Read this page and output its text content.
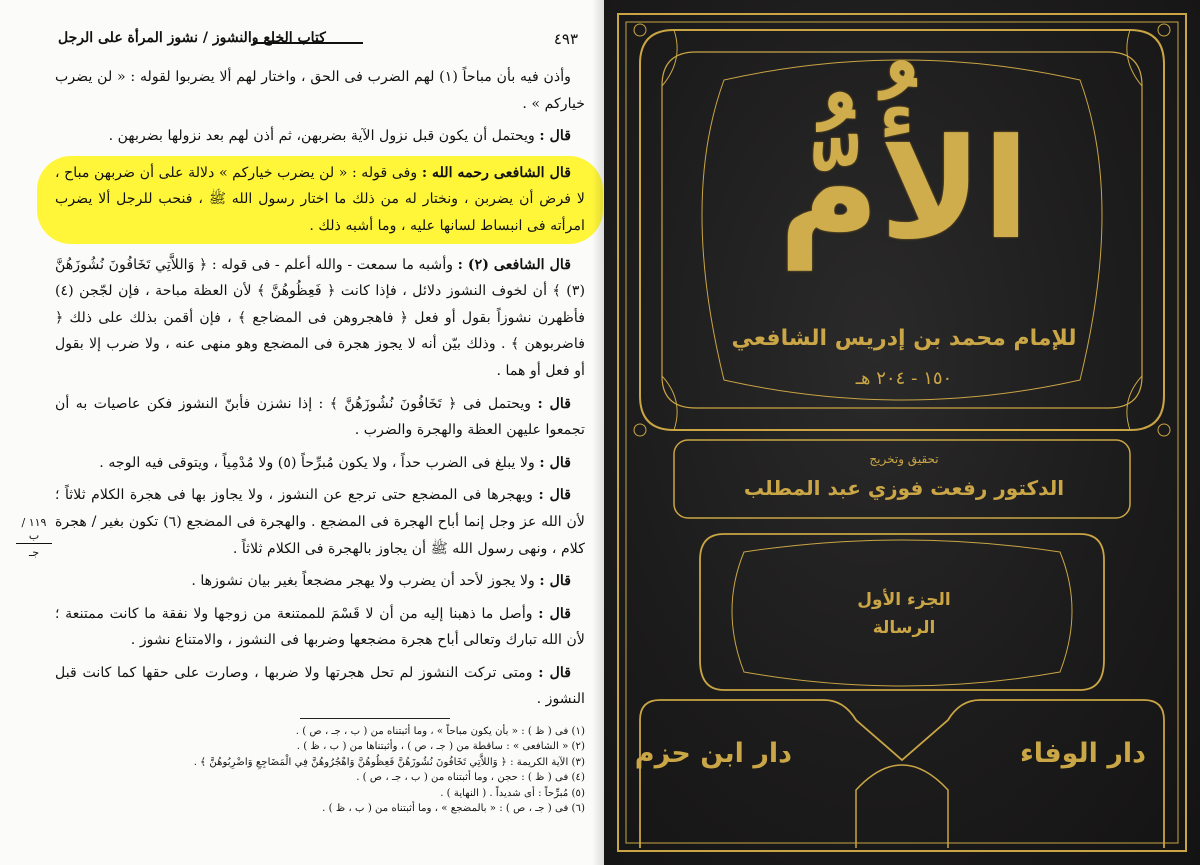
٤٩٣
كتاب الخلع والنشوز / نشوز المرأة على الرجل

وأذن فيه بأن مباحاً (١) لهم الضرب فى الحق ، واختار لهم ألا يضربوا لقوله : « لن يضرب خياركم » .

قال : ويحتمل أن يكون قبل نزول الآية بضربهن، ثم أذن لهم بعد نزولها بضربهن .

قال الشافعى رحمه الله : وفى قوله : « لن يضرب خياركم » دلالة على أن ضربهن مباح ، لا فرض أن يضربن ، ونختار له من ذلك ما اختار رسول الله ﷺ ، فنحب للرجل ألا يضرب امرأته فى انبساط لسانها عليه ، وما أشبه ذلك .

قال الشافعى (٢) : وأشبه ما سمعت - والله أعلم - فى قوله : ﴿ وَاللاَّتِي تَخَافُونَ نُشُوزَهُنَّ (٣) ﴾ أن لخوف النشوز دلائل ، فإذا كانت ﴿ فَعِظُوهُنَّ ﴾ لأن العظة مباحة ، فإن لجّجن (٤) فأظهرن نشوزاً بقول أو فعل ﴿ فاهجروهن فى المضاجع ﴾ ، فإن أقمن بذلك على ذلك ﴿ فاضربوهن ﴾ . وذلك بيّن أنه لا يجوز هجرة فى المضجع وهو منهى عنه ، ولا ضرب إلا بقول أو فعل أو هما .

قال : ويحتمل فى ﴿ تَخَافُونَ نُشُوزَهُنَّ ﴾ : إذا نشزن فأبنّ النشوز فكن عاصيات به أن تجمعوا عليهن العظة والهجرة والضرب .

قال : ولا يبلغ فى الضرب حداً ، ولا يكون مُبرِّحاً (٥) ولا مُدْمِياً ، ويتوقى فيه الوجه .

قال : ويهجرها فى المضجع حتى ترجع عن النشوز ، ولا يجاوز بها فى هجرة الكلام ثلاثاً ؛ لأن الله عز وجل إنما أباح الهجرة فى المضجع . والهجرة فى المضجع (٦) تكون بغير / هجرة كلام ، ونهى رسول الله ﷺ أن يجاوز بالهجرة فى الكلام ثلاثاً .

قال : ولا يجوز لأحد أن يضرب ولا يهجر مضجعاً بغير بيان نشوزها .

قال : وأصل ما ذهبنا إليه من أن لا قَسْمَ للممتنعة من زوجها ولا نفقة ما كانت ممتنعة ؛ لأن الله تبارك وتعالى أباح هجرة مضجعها وضربها فى النشوز ، والامتناع نشوز .

قال : ومتى تركت النشوز لم تحل هجرتها ولا ضربها ، وصارت على حقها كما كانت قبل النشوز .

١١٩ / ب
جـ
(١) فى ( ظ ) : « بأن يكون مباحاً » ، وما أثبتناه من ( ب ، جـ ، ص ) .
(٢) « الشافعى » : ساقطة من ( جـ ، ص ) ، وأثبتناها من ( ب ، ظ ) .
(٣) الآية الكريمة : ﴿ وَاللاَّتِي تَخَافُونَ نُشُوزَهُنَّ فَعِظُوهُنَّ وَاهْجُرُوهُنَّ فِي الْمَضَاجِعِ وَاضْرِبُوهُنَّ ﴾ .
(٤) فى ( ظ ) : حجن ، وما أثبتناه من ( ب ، جـ ، ص ) .
(٥) مُبرِّحاً : أى شديداً . ( النهاية ) .
(٦) فى ( جـ ، ص ) : « بالمضجع » ، وما أثبتناه من ( ب ، ظ ) .
الأُمُّ
للإمام محمد بن إدريس الشافعي
١٥٠ - ٢٠٤ هـ
تحقيق وتخريج
الدكتور رفعت فوزي عبد المطلب
الجزء الأول
الرسالة
دار الوفاء
دار ابن حزم
